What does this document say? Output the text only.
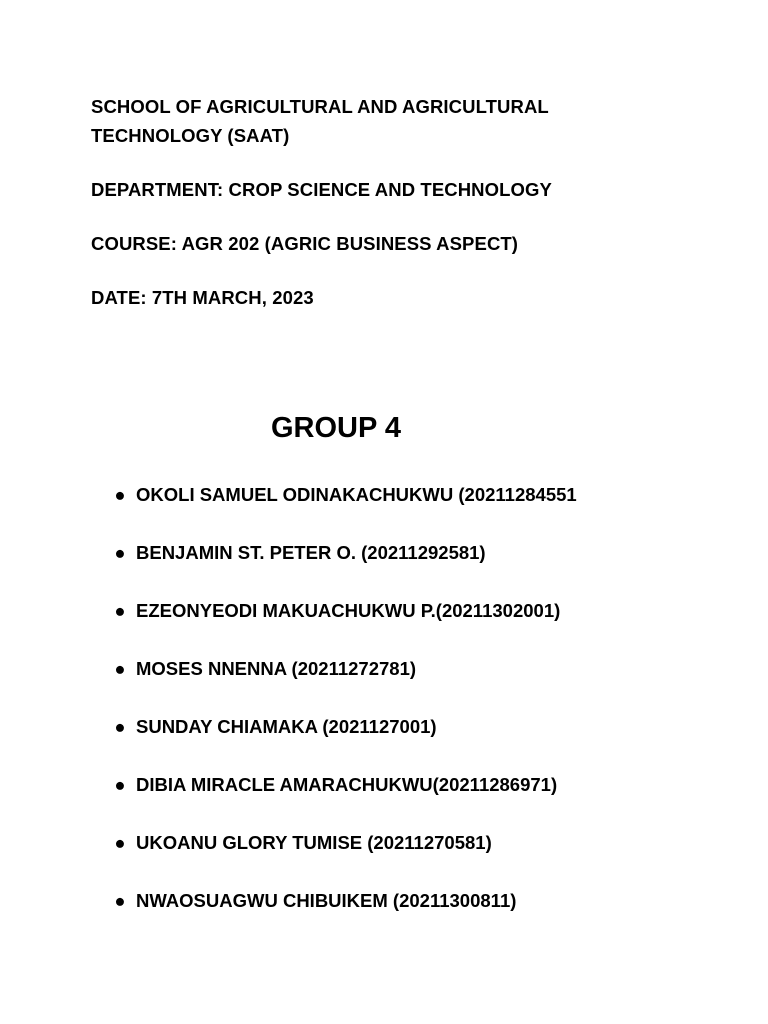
SCHOOL OF AGRICULTURAL AND AGRICULTURAL TECHNOLOGY (SAAT)

DEPARTMENT: CROP SCIENCE AND TECHNOLOGY

COURSE: AGR 202 (AGRIC BUSINESS ASPECT)

DATE: 7TH MARCH, 2023

GROUP 4
● OKOLI SAMUEL ODINAKACHUKWU (20211284551
● BENJAMIN ST. PETER O. (20211292581)
● EZEONYEODI MAKUACHUKWU P.(20211302001)
● MOSES NNENNA (20211272781)
● SUNDAY CHIAMAKA (2021127001)
● DIBIA MIRACLE AMARACHUKWU(20211286971)
● UKOANU GLORY TUMISE (20211270581)
● NWAOSUAGWU CHIBUIKEM (20211300811)
